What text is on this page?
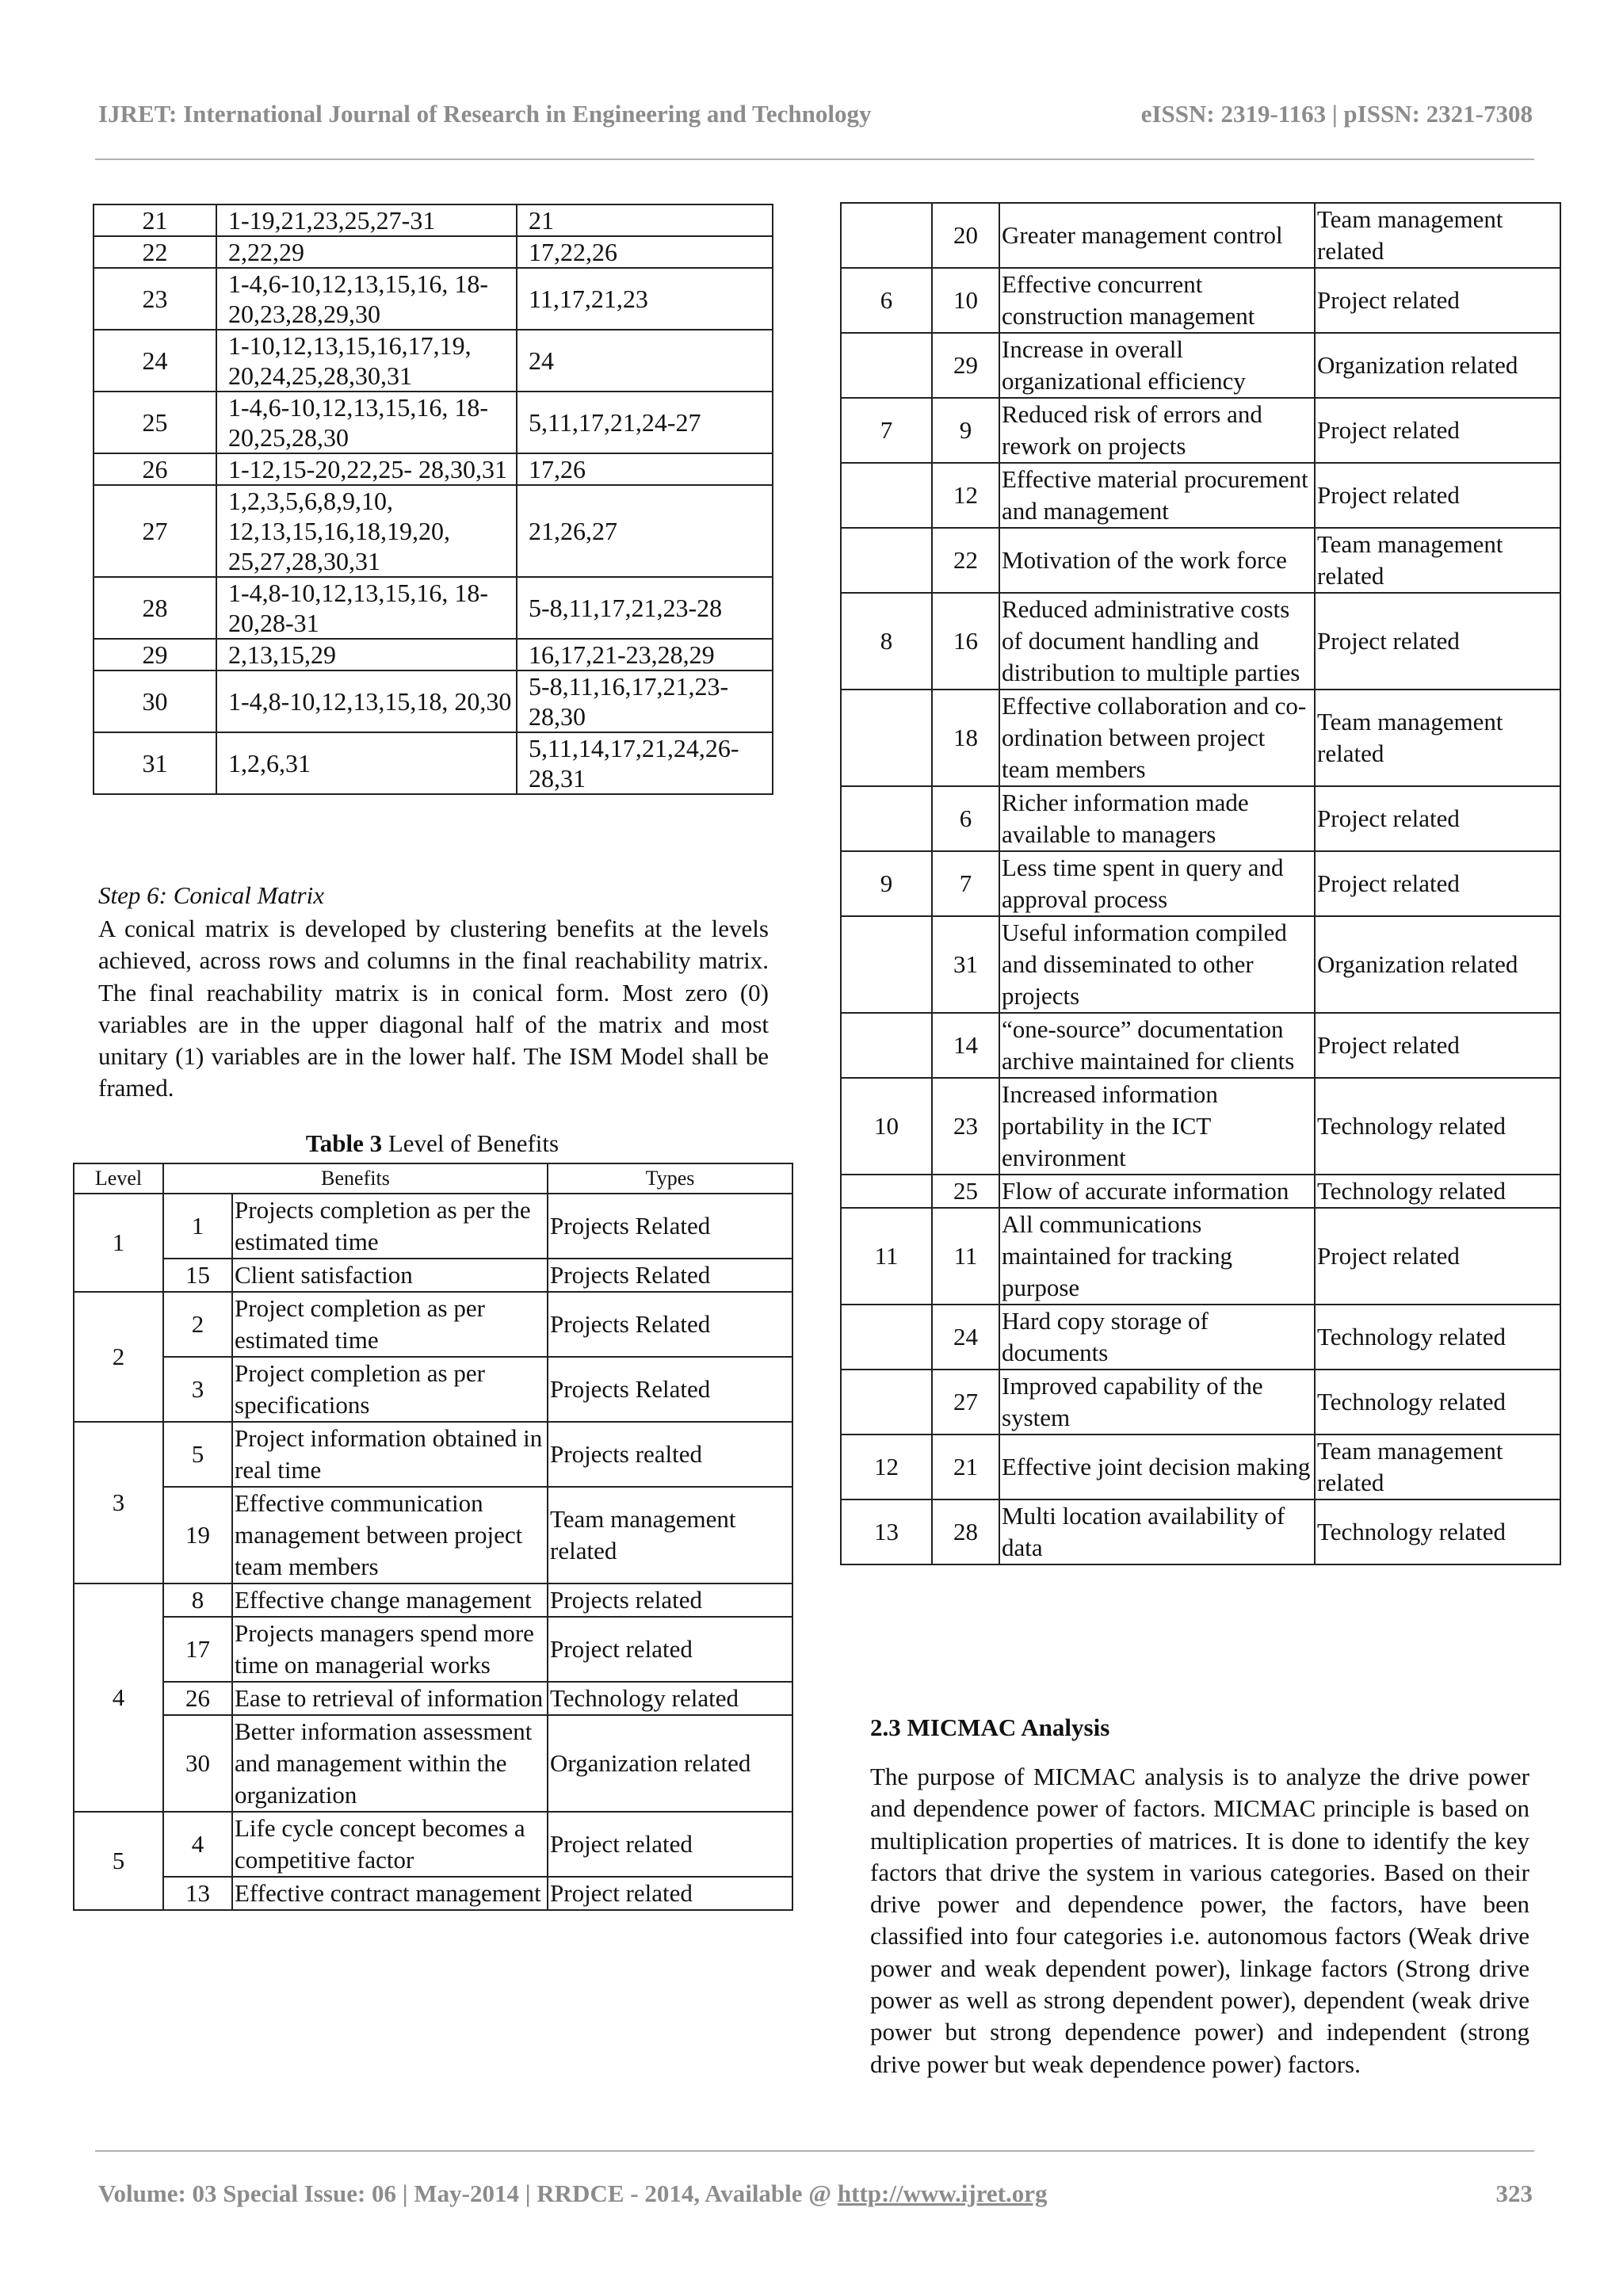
IJRET: International Journal of Research in Engineering and Technology	eISSN: 2319-1163 | pISSN: 2321-7308
21	1-19,21,23,25,27-31	21
22	2,22,29	17,22,26
23	1-4,6-10,12,13,15,16, 18-20,23,28,29,30	11,17,21,23
24	1-10,12,13,15,16,17,19, 20,24,25,28,30,31	24
25	1-4,6-10,12,13,15,16, 18-20,25,28,30	5,11,17,21,24-27
26	1-12,15-20,22,25- 28,30,31	17,26
27	1,2,3,5,6,8,9,10, 12,13,15,16,18,19,20, 25,27,28,30,31	21,26,27
28	1-4,8-10,12,13,15,16, 18-20,28-31	5-8,11,17,21,23-28
29	2,13,15,29	16,17,21-23,28,29
30	1-4,8-10,12,13,15,18, 20,30	5-8,11,16,17,21,23- 28,30
31	1,2,6,31	5,11,14,17,21,24,26- 28,31
Step 6: Conical Matrix
A conical matrix is developed by clustering benefits at the levels achieved, across rows and columns in the final reachability matrix. The final reachability matrix is in conical form. Most zero (0) variables are in the upper diagonal half of the matrix and most unitary (1) variables are in the lower half. The ISM Model shall be framed.
Table 3 Level of Benefits
Level	Benefits		Types
1	1	Projects completion as per the estimated time	Projects Related
	15	Client satisfaction	Projects Related
2	2	Project completion as per estimated time	Projects Related
	3	Project completion as per specifications	Projects Related
3	5	Project information obtained in real time	Projects realted
	19	Effective communication management between project team members	Team management related
4	8	Effective change management	Projects related
	17	Projects managers spend more time on managerial works	Project related
	26	Ease to retrieval of information	Technology related
	30	Better information assessment and management within the organization	Organization related
5	4	Life cycle concept becomes a competitive factor	Project related
	13	Effective contract management	Project related
	20	Greater management control	Team management related
6	10	Effective concurrent construction management	Project related
	29	Increase in overall organizational efficiency	Organization related
7	9	Reduced risk of errors and rework on projects	Project related
	12	Effective material procurement and management	Project related
	22	Motivation of the work force	Team management related
8	16	Reduced administrative costs of document handling and distribution to multiple parties	Project related
	18	Effective collaboration and co-ordination between project team members	Team management related
	6	Richer information made available to managers	Project related
9	7	Less time spent in query and approval process	Project related
	31	Useful information compiled and disseminated to other projects	Organization related
	14	“one-source” documentation archive maintained for clients	Project related
10	23	Increased information portability in the ICT environment	Technology related
	25	Flow of accurate information	Technology related
11	11	All communications maintained for tracking purpose	Project related
	24	Hard copy storage of documents	Technology related
	27	Improved capability of the system	Technology related
12	21	Effective joint decision making	Team management related
13	28	Multi location availability of data	Technology related
2.3 MICMAC Analysis
The purpose of MICMAC analysis is to analyze the drive power and dependence power of factors. MICMAC principle is based on multiplication properties of matrices. It is done to identify the key factors that drive the system in various categories. Based on their drive power and dependence power, the factors, have been classified into four categories i.e. autonomous factors (Weak drive power and weak dependent power), linkage factors (Strong drive power as well as strong dependent power), dependent (weak drive power but strong dependence power) and independent (strong drive power but weak dependence power) factors.
Volume: 03 Special Issue: 06 | May-2014 | RRDCE - 2014, Available @ http://www.ijret.org	323
